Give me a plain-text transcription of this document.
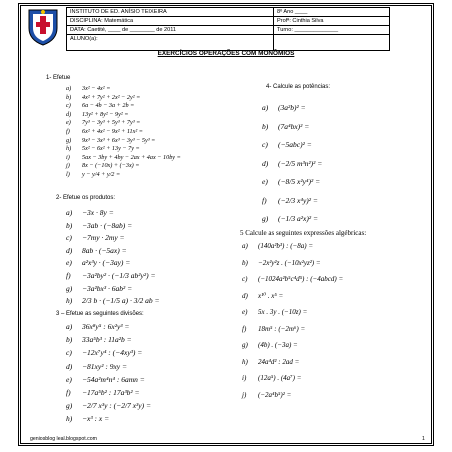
INSTITUTO DE ED. ANÍSIO TEIXEIRA
DISCIPLINA: Matemática
DATA: Caetité, ____ de ________ de 2011
ALUNO(a):
8º Ano ____
Profª: Cinthia Silva
Turno: ______________
EXERCÍCIOS OPERAÇÕES COM MONÔMIOS
1- Efetue
a) 3x² − 4x² =
b) 4x² + 7y² + 2x² − 2y² =
c) 6a − 4b − 3a + 2b =
d) 13y² + 8y² − 9y² =
e) 7y³ − 3y³ + 5y³ + 7y³ =
f) 6x² + 4x² − 9x² + 11x² =
g) 9x³ − 3x³ + 6x³ − 3y³ − 5y³ =
h) 5x² − 6x² + 13y − 7y =
i) 5ax − 3by + 4by − 2ax + 4ax − 10by =
j) 8x − (−10x) + (−3x) =
l) y − y/4 + y/2 =
2- Efetue os produtos:
a) −3x · 8y =
b) −3ab · (−8ab) =
c) −7my · 2my =
d) 8ab · (−5ax) =
e) a²x³y · (−3ay) =
f) −3a²by² · (−1/3 ab²y²) =
g) −3a²bx³ · 6ab² =
h) 2/3 b · (−1/5 a) · 3/2 ab =
3 – Efetue as seguintes divisões:
a) 36x⁸y⁵ : 6x²y³ =
b) 33a⁵b³ : 11a²b =
c) −12x⁷y⁴ : (−4xy³) =
d) −81xy² : 9xy =
e) −54a²m⁴n⁴ : 6amn =
f) −17a⁵b² : 17a³b² =
g) −2/7 x³y : (−2/7 x³y) =
h) −x³ : x =
4- Calcule as potências:
a) (3a²b)² =
b) (7a⁴bx)² =
c) (−5abc)² =
d) (−2/5 m³n²)² =
e) (−8/5 x²y⁴)² =
f) (−2/3 x⁴y)² =
g) (−1/3 a²x)² =
5 Calcule as seguintes expressões algébricas:
a) (140a²b³) : (−8a) =
b) −2x²y²z . (−10x²yz²) =
c) (−1024a²b⁵c⁴d⁵) : (−4abcd) =
d) x¹⁰ . x⁵ =
e) 5x . 3y . (−10z) =
f) 18m⁵ : (−2m⁶) =
g) (4b) . (−3a) =
h) 24a⁴d² : 2ad =
i) (12a⁵) . (4a⁷) =
j) (−2a⁴b⁵)² =
geniosblog leal.blogspot.com	1
